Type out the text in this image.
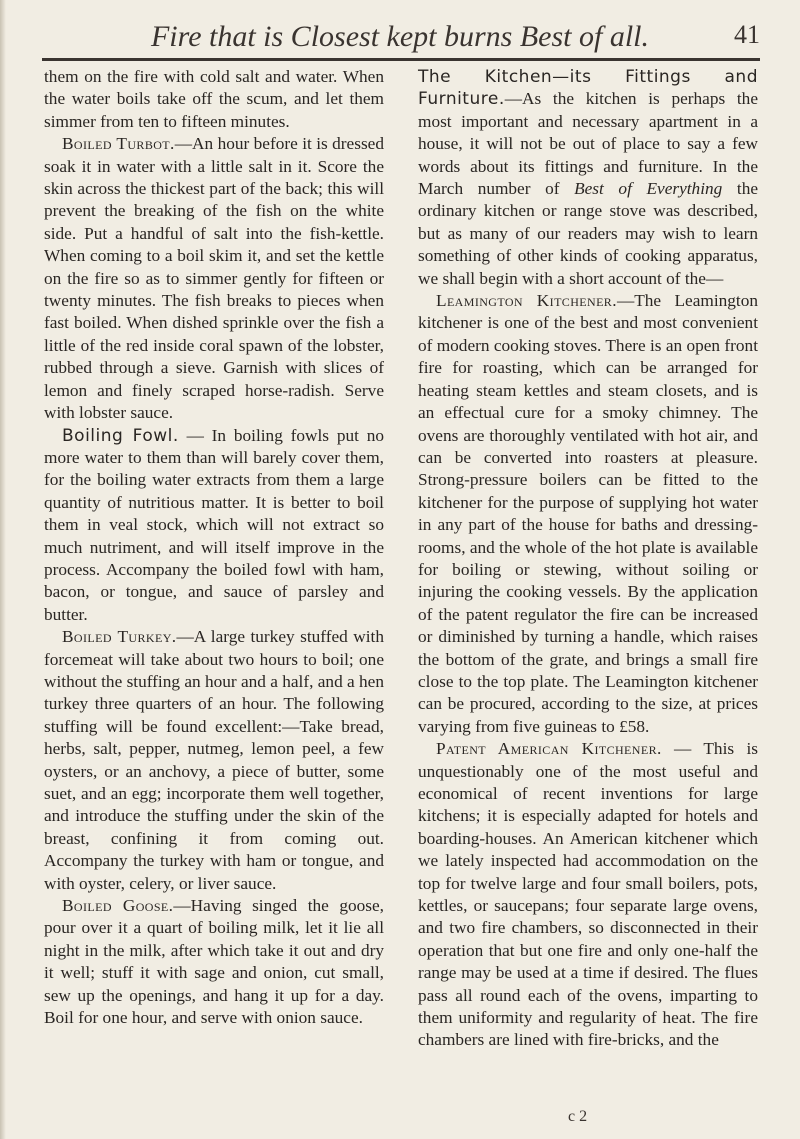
Fire that is Closest kept burns Best of all.	41

them on the fire with cold salt and water. When the water boils take off the scum, and let them simmer from ten to fifteen minutes.

Boiled Turbot.—An hour before it is dressed soak it in water with a little salt in it. Score the skin across the thickest part of the back; this will prevent the breaking of the fish on the white side. Put a handful of salt into the fish-kettle. When coming to a boil skim it, and set the kettle on the fire so as to simmer gently for fifteen or twenty minutes. The fish breaks to pieces when fast boiled. When dished sprinkle over the fish a little of the red inside coral spawn of the lobster, rubbed through a sieve. Garnish with slices of lemon and finely scraped horse-radish. Serve with lobster sauce.

Boiling Fowl. — In boiling fowls put no more water to them than will barely cover them, for the boiling water extracts from them a large quantity of nutritious matter. It is better to boil them in veal stock, which will not extract so much nutriment, and will itself improve in the process. Accompany the boiled fowl with ham, bacon, or tongue, and sauce of parsley and butter.

Boiled Turkey.—A large turkey stuffed with forcemeat will take about two hours to boil; one without the stuffing an hour and a half, and a hen turkey three quarters of an hour. The following stuffing will be found excellent:—Take bread, herbs, salt, pepper, nutmeg, lemon peel, a few oysters, or an anchovy, a piece of butter, some suet, and an egg; incorporate them well together, and introduce the stuffing under the skin of the breast, confining it from coming out. Accompany the turkey with ham or tongue, and with oyster, celery, or liver sauce.

Boiled Goose.—Having singed the goose, pour over it a quart of boiling milk, let it lie all night in the milk, after which take it out and dry it well; stuff it with sage and onion, cut small, sew up the openings, and hang it up for a day. Boil for one hour, and serve with onion sauce.

The Kitchen—its Fittings and Furniture.—As the kitchen is perhaps the most important and necessary apartment in a house, it will not be out of place to say a few words about its fittings and furniture. In the March number of Best of Everything the ordinary kitchen or range stove was described, but as many of our readers may wish to learn something of other kinds of cooking apparatus, we shall begin with a short account of the—

Leamington Kitchener.—The Leamington kitchener is one of the best and most convenient of modern cooking stoves. There is an open front fire for roasting, which can be arranged for heating steam kettles and steam closets, and is an effectual cure for a smoky chimney. The ovens are thoroughly ventilated with hot air, and can be converted into roasters at pleasure. Strong-pressure boilers can be fitted to the kitchener for the purpose of supplying hot water in any part of the house for baths and dressing-rooms, and the whole of the hot plate is available for boiling or stewing, without soiling or injuring the cooking vessels. By the application of the patent regulator the fire can be increased or diminished by turning a handle, which raises the bottom of the grate, and brings a small fire close to the top plate. The Leamington kitchener can be procured, according to the size, at prices varying from five guineas to £58.

Patent American Kitchener. — This is unquestionably one of the most useful and economical of recent inventions for large kitchens; it is especially adapted for hotels and boarding-houses. An American kitchener which we lately inspected had accommodation on the top for twelve large and four small boilers, pots, kettles, or saucepans; four separate large ovens, and two fire chambers, so disconnected in their operation that but one fire and only one-half the range may be used at a time if desired. The flues pass all round each of the ovens, imparting to them uniformity and regularity of heat. The fire chambers are lined with fire-bricks, and the

c 2
